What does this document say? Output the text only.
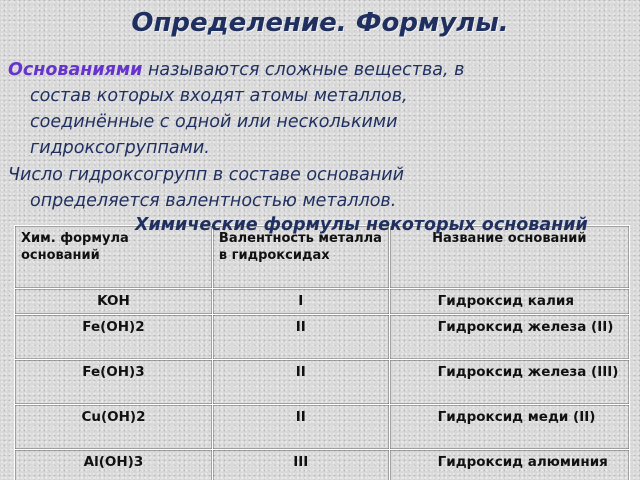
Определение. Формулы.
Основаниями называются сложные вещества, в
состав которых входят атомы металлов,
соединённые с одной или несколькими
гидроксогруппами.
Число гидроксогрупп в составе оснований
определяется валентностью металлов.
Химические формулы некоторых оснований
Хим. формула оснований	Валентность металла в гидроксидах	Название оснований
KOH	I	Гидроксид калия
Fe(OH)2	II	Гидроксид железа (II)
Fe(OH)3	II	Гидроксид железа (III)
Cu(OH)2	II	Гидроксид меди (II)
Al(OH)3	III	Гидроксид алюминия
